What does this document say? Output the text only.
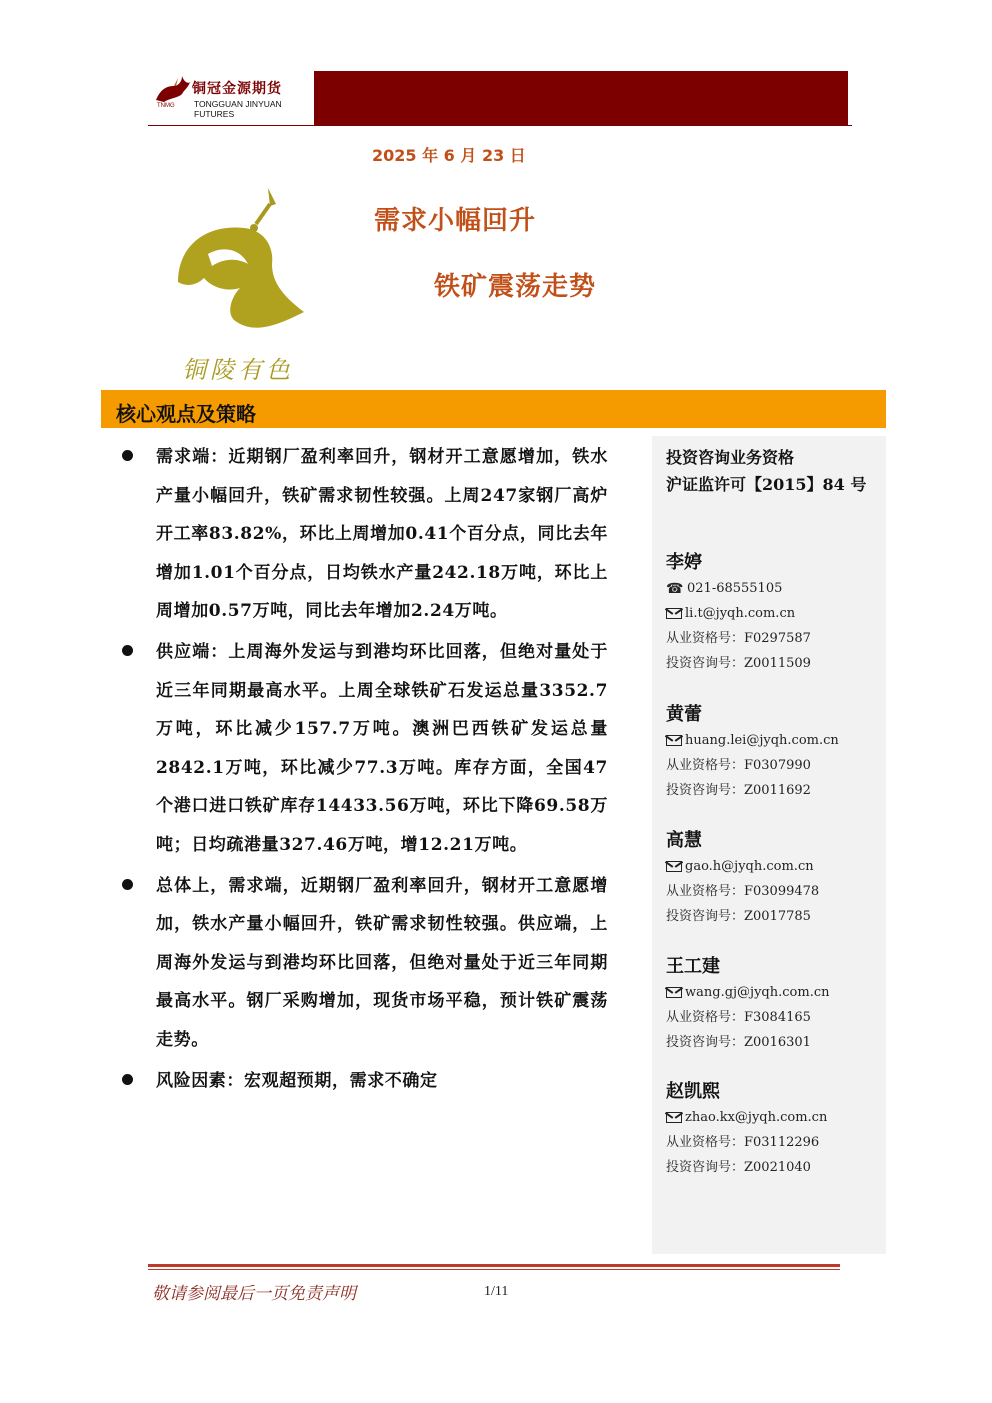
TNMG
铜冠金源期货
TONGGUAN JINYUAN FUTURES	铁矿周报
2025 年 6 月 23 日
需求小幅回升
铁矿震荡走势
铜陵有色
核心观点及策略
需求端：近期钢厂盈利率回升，钢材开工意愿增加，铁水产量小幅回升，铁矿需求韧性较强。上周247家钢厂高炉开工率83.82%，环比上周增加0.41个百分点，同比去年增加1.01个百分点，日均铁水产量242.18万吨，环比上周增加0.57万吨，同比去年增加2.24万吨。
供应端：上周海外发运与到港均环比回落，但绝对量处于近三年同期最高水平。上周全球铁矿石发运总量3352.7万吨，环比减少157.7万吨。澳洲巴西铁矿发运总量2842.1万吨，环比减少77.3万吨。库存方面，全国47个港口进口铁矿库存14433.56万吨，环比下降69.58万吨；日均疏港量327.46万吨，增12.21万吨。
总体上，需求端，近期钢厂盈利率回升，钢材开工意愿增加，铁水产量小幅回升，铁矿需求韧性较强。供应端，上周海外发运与到港均环比回落，但绝对量处于近三年同期最高水平。钢厂采购增加，现货市场平稳，预计铁矿震荡走势。
风险因素：宏观超预期，需求不确定
投资咨询业务资格
沪证监许可【2015】84 号
李婷
☎ 021-68555105
li.t@jyqh.com.cn
从业资格号：F0297587
投资咨询号：Z0011509
黄蕾
huang.lei@jyqh.com.cn
从业资格号：F0307990
投资咨询号：Z0011692
高慧
gao.h@jyqh.com.cn
从业资格号：F03099478
投资咨询号：Z0017785
王工建
wang.gj@jyqh.com.cn
从业资格号：F3084165
投资咨询号：Z0016301
赵凯熙
zhao.kx@jyqh.com.cn
从业资格号：F03112296
投资咨询号：Z0021040
敬请参阅最后一页免责声明	1/11
